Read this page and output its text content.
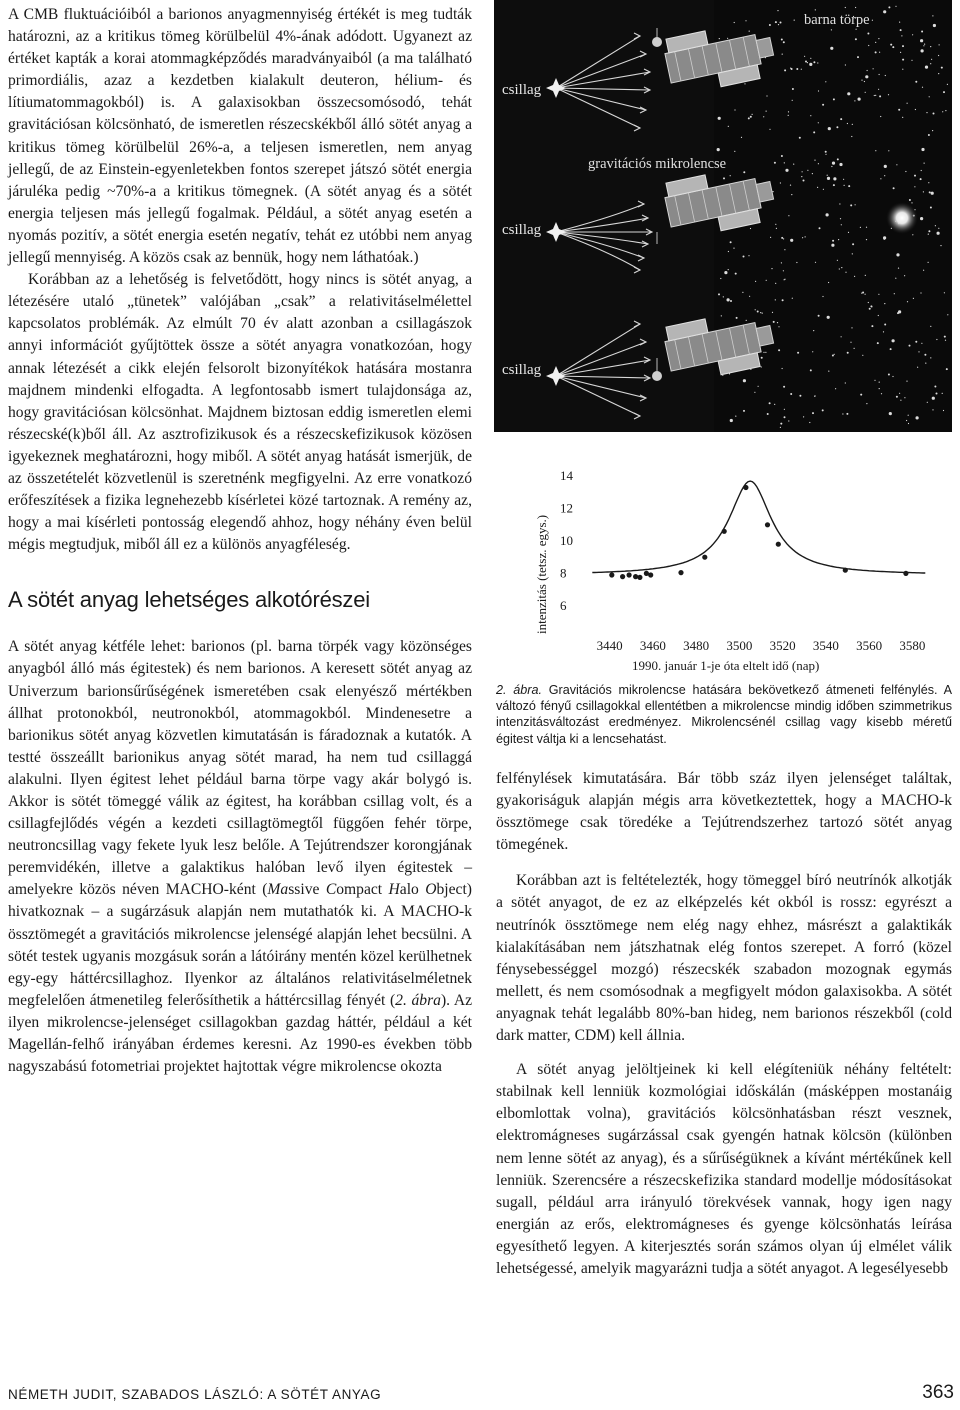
A CMB fluktuációiból a barionos anyagmennyiség értékét is meg tudták határozni, az a kritikus tömeg körülbelül 4%-ának adódott. Ugyanezt az értéket kapták a korai atommagképződés maradványaiból (a ma található primordiális, azaz a kezdetben kialakult deuteron, hélium- és lítiumatommagokból) is. A galaxisokban összecsomósodó, tehát gravitációsan kölcsönható, de ismeretlen részecskékből álló sötét anyag a kritikus tömeg körülbelül 26%-a, a teljesen ismeretlen, nem anyag jellegű, de az Einstein-egyenletekben fontos szerepet játszó sötét energia járuléka pedig ~70%-a a kritikus tömegnek. (A sötét anyag és a sötét energia teljesen más jellegű fogalmak. Például, a sötét anyag esetén a nyomás pozitív, a sötét energia esetén negatív, tehát ez utóbbi nem anyag jellegű mennyiség. A közös csak az bennük, hogy nem láthatóak.)

Korábban az a lehetőség is felvetődött, hogy nincs is sötét anyag, a létezésére utaló „tünetek” valójában „csak” a relativitáselmélettel kapcsolatos problémák. Az elmúlt 70 év alatt azonban a csillagászok annyi információt gyűjtöttek össze a sötét anyagra vonatkozóan, hogy annak létezését a cikk elején felsorolt bizonyítékok hatására mostanra majdnem mindenki elfogadta. A legfontosabb ismert tulajdonsága az, hogy gravitációsan kölcsönhat. Majdnem biztosan eddig ismeretlen elemi részecské(k)ből áll. Az asztrofizikusok és a részecskefizikusok közösen igyekeznek meghatározni, hogy miből. A sötét anyag hatását ismerjük, de az összetételét közvetlenül is szeretnénk megfigyelni. Az erre vonatkozó erőfeszítések a fizika legnehezebb kísérletei közé tartoznak. A remény az, hogy a mai kísérleti pontosság elegendő ahhoz, hogy néhány éven belül mégis megtudjuk, miből áll ez a különös anyagféleség.

A sötét anyag lehetséges alkotórészei

A sötét anyag kétféle lehet: barionos (pl. barna törpék vagy közönséges anyagból álló más égitestek) és nem barionos. A keresett sötét anyag az Univerzum barionsűrűségének ismeretében csak elenyésző mértékben állhat protonokból, neutronokból, atommagokból. Mindenesetre a barionikus sötét anyag közvetlen kimutatásán is fáradoznak a kutatók. A testté összeállt barionikus anyag sötét marad, ha nem tud csillaggá alakulni. Ilyen égitest lehet például barna törpe vagy akár bolygó is. Akkor is sötét tömeggé válik az égitest, ha korábban csillag volt, és a csillagfejlődés végén a kezdeti csillagtömegtől függően fehér törpe, neutroncsillag vagy fekete lyuk lesz belőle. A Tejútrendszer korongjának peremvidékén, illetve a galaktikus halóban levő ilyen égitestek – amelyekre közös néven MACHO-ként (Massive Compact Halo Object) hivatkoznak – a sugárzásuk alapján nem mutathatók ki. A MACHO-k össztömegét a gravitációs mikrolencse jelenségé alapján lehet becsülni. A sötét testek ugyanis mozgásuk során a látóirány mentén közel kerülhetnek egy-egy háttércsillaghoz. Ilyenkor az általános relativitáselméletnek megfelelően átmenetileg felerősíthetik a háttércsillag fényét (2. ábra). Az ilyen mikrolencse-jelenséget csillagokban gazdag háttér, például a két Magellán-felhő irányában érdemes keresni. Az 1990-es években több nagyszabású fotometriai projektet hajtottak végre mikrolencse okozta

barna törpe
csillag
gravitációs mikrolencse
csillag
csillag
6
8
10
12
14
3440 3460 3480 3500 3520 3540 3560 3580
intenzitás (tetsz. egys.)
1990. január 1-je óta eltelt idő (nap)
2. ábra. Gravitációs mikrolencse hatására bekövetkező átmeneti felfénylés. A változó fényű csillagokkal ellentétben a mikrolencse mindig időben szimmetrikus intenzitásváltozást eredményez. Mikrolencsénél csillag vagy kisebb méretű égitest váltja ki a lencsehatást.

felfénylések kimutatására. Bár több száz ilyen jelenséget találtak, gyakoriságuk alapján mégis arra következtettek, hogy a MACHO-k össztömege csak töredéke a Tejútrendszerhez tartozó sötét anyag tömegének.

Korábban azt is feltételezték, hogy tömeggel bíró neutrínók alkotják a sötét anyagot, de ez az elképzelés két okból is rossz: egyrészt a neutrínók össztömege nem elég nagy ehhez, másrészt a galaktikák kialakításában nem játszhatnak elég fontos szerepet. A forró (közel fénysebességgel mozgó) részecskék szabadon mozognak egymás mellett, és nem csomósodnak a megfigyelt módon galaxisokba. A sötét anyagnak tehát legalább 80%-ban hideg, nem barionos részekből (cold dark matter, CDM) kell állnia.

A sötét anyag jelöltjeinek ki kell elégíteniük néhány feltételt: stabilnak kell lenniük kozmológiai időskálán (másképpen mostanáig elbomlottak volna), gravitációs kölcsönhatásban részt vesznek, elektromágneses sugárzással csak gyengén hatnak kölcsön (különben nem lenne sötét az anyag), és a sűrűségüknek a kívánt mértékűnek kell lenniük. Szerencsére a részecskefizika standard modellje módosításokat sugall, például arra irányuló törekvések vannak, hogy igen nagy energián az erős, elektromágneses és gyenge kölcsönhatás leírása egyesíthető legyen. A kiterjesztés során számos olyan új elmélet válik lehetségessé, amelyik magyarázni tudja a sötét anyagot. A legesélyesebb

NÉMETH JUDIT, SZABADOS LÁSZLÓ: A SÖTÉT ANYAG	363
